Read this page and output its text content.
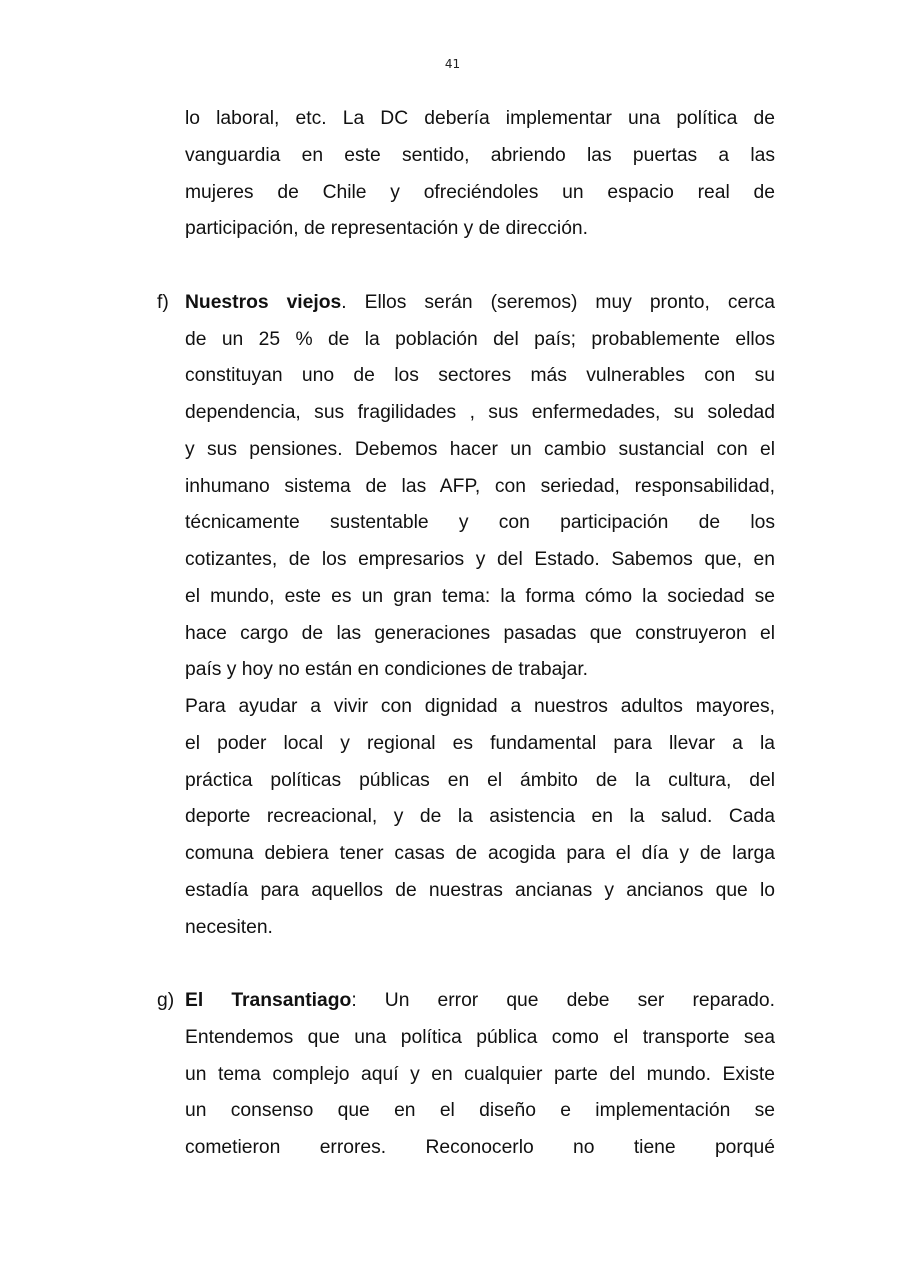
41
lo laboral, etc. La DC debería implementar una política de
vanguardia en este sentido, abriendo las puertas a las
mujeres de Chile y ofreciéndoles un espacio real de
participación, de representación y de dirección.
f) Nuestros viejos. Ellos serán (seremos) muy pronto, cerca
de un 25 % de la población del país; probablemente ellos
constituyan uno de los sectores más vulnerables con su
dependencia, sus fragilidades , sus enfermedades, su soledad
y sus pensiones. Debemos hacer un cambio sustancial con el
inhumano sistema de las AFP, con seriedad, responsabilidad,
técnicamente sustentable y con participación de los
cotizantes, de los empresarios y del Estado. Sabemos que, en
el mundo, este es un gran tema: la forma cómo la sociedad se
hace cargo de las generaciones pasadas que construyeron el
país y hoy no están en condiciones de trabajar.
Para ayudar a vivir con dignidad a nuestros adultos mayores,
el poder local y regional es fundamental para llevar a la
práctica políticas públicas en el ámbito de la cultura, del
deporte recreacional, y de la asistencia en la salud. Cada
comuna debiera tener casas de acogida para el día y de larga
estadía para aquellos de nuestras ancianas y ancianos que lo
necesiten.
g) El Transantiago: Un error que debe ser reparado.
Entendemos que una política pública como el transporte sea
un tema complejo aquí y en cualquier parte del mundo. Existe
un consenso que en el diseño e implementación se
cometieron errores. Reconocerlo no tiene porqué
